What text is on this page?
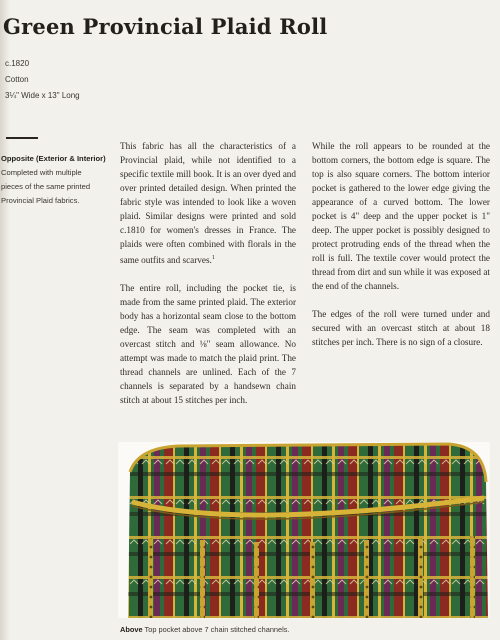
Green Provincial Plaid Roll
c.1820
Cotton
3¼" Wide x 13" Long
Opposite (Exterior & Interior)
Completed with multiple
pieces of the same printed
Provincial Plaid fabrics.

This fabric has all the characteristics of a Provincial plaid, while not identified to a specific textile mill book. It is an over dyed and over printed detailed design. When printed the fabric style was intended to look like a woven plaid. Similar designs were printed and sold c.1810 for women's dresses in France. The plaids were often combined with florals in the same outfits and scarves.$^1$

The entire roll, including the pocket tie, is made from the same printed plaid. The exterior body has a horizontal seam close to the bottom edge. The seam was completed with an overcast stitch and ⅛" seam allowance. No attempt was made to match the plaid print. The thread channels are unlined. Each of the 7 channels is separated by a handsewn chain stitch at about 15 stitches per inch.

While the roll appears to be rounded at the bottom corners, the bottom edge is square. The top is also square corners. The bottom interior pocket is gathered to the lower edge giving the appearance of a curved bottom. The lower pocket is 4" deep and the upper pocket is 1" deep. The upper pocket is possibly designed to protect protruding ends of the thread when the roll is full. The textile cover would protect the thread from dirt and sun while it was exposed at the end of the channels.

The edges of the roll were turned under and secured with an overcast stitch at about 18 stitches per inch. There is no sign of a closure.

Above Top pocket above 7 chain stitched channels.
